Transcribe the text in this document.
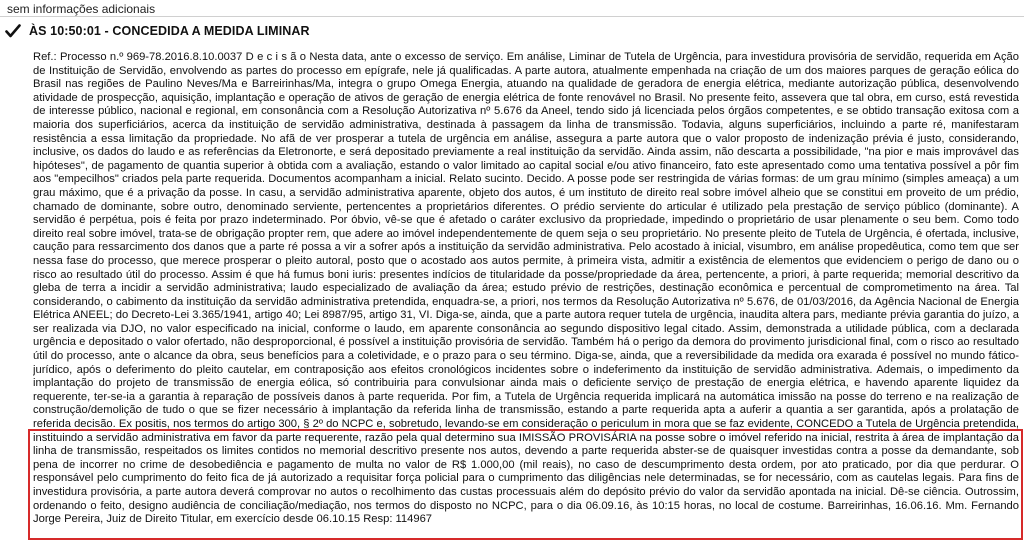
sem informações adicionais
ÀS 10:50:01 - CONCEDIDA A MEDIDA LIMINAR

Ref.: Processo n.º 969-78.2016.8.10.0037 D e c i s ã o Nesta data, ante o excesso de serviço. Em análise, Liminar de Tutela de Urgência, para investidura provisória de servidão, requerida em Ação de Instituição de Servidão, envolvendo as partes do processo em epígrafe, nele já qualificadas. A parte autora, atualmente empenhada na criação de um dos maiores parques de geração eólica do Brasil nas regiões de Paulino Neves/Ma e Barreirinhas/Ma, integra o grupo Omega Energia, atuando na qualidade de geradora de energia elétrica, mediante autorização pública, desenvolvendo atividade de prospecção, aquisição, implantação e operação de ativos de geração de energia elétrica de fonte renovável no Brasil. No presente feito, assevera que tal obra, em curso, está revestida de interesse público, nacional e regional, em consonância com a Resolução Autorizativa nº 5.676 da Aneel, tendo sido já licenciada pelos órgãos competentes, e se obtido transação exitosa com a maioria dos superficiários, acerca da instituição de servidão administrativa, destinada à passagem da linha de transmissão. Todavia, alguns superficiários, incluindo a parte ré, manifestaram resistência a essa limitação da propriedade. No afã de ver prosperar a tutela de urgência em análise, assegura a parte autora que o valor proposto de indenização prévia é justo, considerando, inclusive, os dados do laudo e as referências da Eletronorte, e será depositado previamente a real instituição da servidão. Ainda assim, não descarta a possibilidade, "na pior e mais improvável das hipóteses", de pagamento de quantia superior à obtida com a avaliação, estando o valor limitado ao capital social e/ou ativo financeiro, fato este apresentado como uma tentativa possível a pôr fim aos "empecilhos" criados pela parte requerida. Documentos acompanham a inicial. Relato sucinto. Decido. A posse pode ser restringida de várias formas: de um grau mínimo (simples ameaça) a um grau máximo, que é a privação da posse. In casu, a servidão administrativa aparente, objeto dos autos, é um instituto de direito real sobre imóvel alheio que se constitui em proveito de um prédio, chamado de dominante, sobre outro, denominado serviente, pertencentes a proprietários diferentes. O prédio serviente do articular é utilizado pela prestação de serviço público (dominante). A servidão é perpétua, pois é feita por prazo indeterminado. Por óbvio, vê-se que é afetado o caráter exclusivo da propriedade, impedindo o proprietário de usar plenamente o seu bem. Como todo direito real sobre imóvel, trata-se de obrigação propter rem, que adere ao imóvel independentemente de quem seja o seu proprietário. No presente pleito de Tutela de Urgência, é ofertada, inclusive, caução para ressarcimento dos danos que a parte ré possa a vir a sofrer após a instituição da servidão administrativa. Pelo acostado à inicial, visumbro, em análise propedêutica, como tem que ser nessa fase do processo, que merece prosperar o pleito autoral, posto que o acostado aos autos permite, à primeira vista, admitir a existência de elementos que evidenciem o perigo de dano ou o risco ao resultado útil do processo. Assim é que há fumus boni iuris: presentes indícios de titularidade da posse/propriedade da área, pertencente, a priori, à parte requerida; memorial descritivo da gleba de terra a incidir a servidão administrativa; laudo especializado de avaliação da área; estudo prévio de restrições, destinação econômica e percentual de comprometimento na área. Tal considerando, o cabimento da instituição da servidão administrativa pretendida, enquadra-se, a priori, nos termos da Resolução Autorizativa nº 5.676, de 01/03/2016, da Agência Nacional de Energia Elétrica ANEEL; do Decreto-Lei 3.365/1941, artigo 40; Lei 8987/95, artigo 31, VI. Diga-se, ainda, que a parte autora requer tutela de urgência, inaudita altera pars, mediante prévia garantia do juízo, a ser realizada via DJO, no valor especificado na inicial, conforme o laudo, em aparente consonância ao segundo dispositivo legal citado. Assim, demonstrada a utilidade pública, com a declarada urgência e depositado o valor ofertado, não desproporcional, é possível a instituição provisória de servidão. Também há o perigo da demora do provimento jurisdicional final, com o risco ao resultado útil do processo, ante o alcance da obra, seus benefícios para a coletividade, e o prazo para o seu término. Diga-se, ainda, que a reversibilidade da medida ora exarada é possível no mundo fático-jurídico, após o deferimento do pleito cautelar, em contraposição aos efeitos cronológicos incidentes sobre o indeferimento da instituição de servidão administrativa. Ademais, o impedimento da implantação do projeto de transmissão de energia eólica, só contribuiria para convulsionar ainda mais o deficiente serviço de prestação de energia elétrica, e havendo aparente liquidez da requerente, ter-se-ia a garantia à reparação de possíveis danos à parte requerida. Por fim, a Tutela de Urgência requerida implicará na automática imissão na posse do terreno e na realização de construção/demolição de tudo o que se fizer necessário à implantação da referida linha de transmissão, estando a parte requerida apta a auferir a quantia a ser garantida, após a prolatação de referida decisão. Ex positis, nos termos do artigo 300, § 2º do NCPC e, sobretudo, levando-se em consideração o periculum in mora que se faz evidente, CONCEDO a Tutela de Urgência pretendida, instituindo a servidão administrativa em favor da parte requerente, razão pela qual determino sua IMISSÃO PROVISÁRIA na posse sobre o imóvel referido na inicial, restrita à área de implantação da linha de transmissão, respeitados os limites contidos no memorial descritivo presente nos autos, devendo a parte requerida abster-se de quaisquer investidas contra a posse da demandante, sob pena de incorrer no crime de desobediência e pagamento de multa no valor de R$ 1.000,00 (mil reais), no caso de descumprimento desta ordem, por ato praticado, por dia que perdurar. O responsável pelo cumprimento do feito fica de já autorizado a requisitar força policial para o cumprimento das diligências nele determinadas, se for necessário, com as cautelas legais. Para fins de investidura provisória, a parte autora deverá comprovar no autos o recolhimento das custas processuais além do depósito prévio do valor da servidão apontada na inicial. Dê-se ciência. Outrossim, ordenando o feito, designo audiência de conciliação/mediação, nos termos do disposto no NCPC, para o dia 06.09.16, às 10:15 horas, no local de costume. Barreirinhas, 16.06.16. Mm. Fernando Jorge Pereira, Juiz de Direito Titular, em exercício desde 06.10.15 Resp: 114967
